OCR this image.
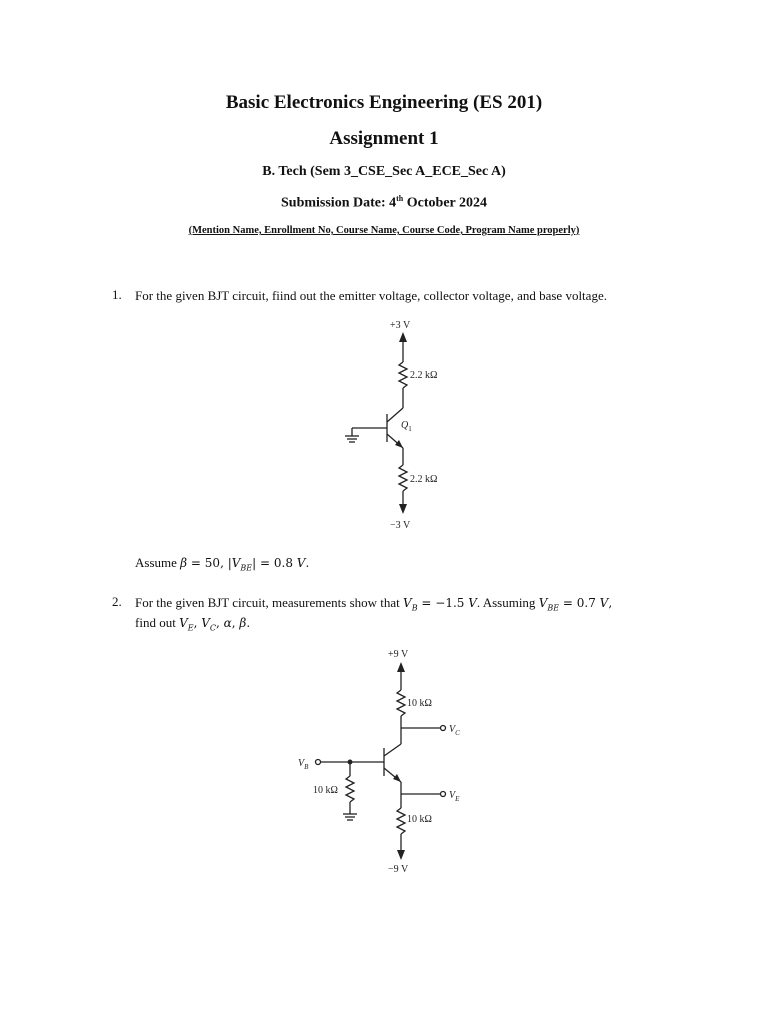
Basic Electronics Engineering (ES 201)
Assignment 1
B. Tech (Sem 3_CSE_Sec A_ECE_Sec A)
Submission Date: 4th October 2024
(Mention Name, Enrollment No, Course Name, Course Code, Program Name properly)
1. For the given BJT circuit, fiind out the emitter voltage, collector voltage, and base voltage.
+3 V
2.2 kΩ
$Q_1$
2.2 kΩ
−3 V
Assume β = 50, $|V_{BE}| = 0.8$ V.
2. For the given BJT circuit, measurements show that $V_B = -1.5$ V. Assuming $V_{BE} = 0.7$ V,
find out $V_E$, $V_C$, α, β.
+9 V
10 kΩ
$V_C$
$V_B$
10 kΩ	$V_E$
10 kΩ
−9 V
